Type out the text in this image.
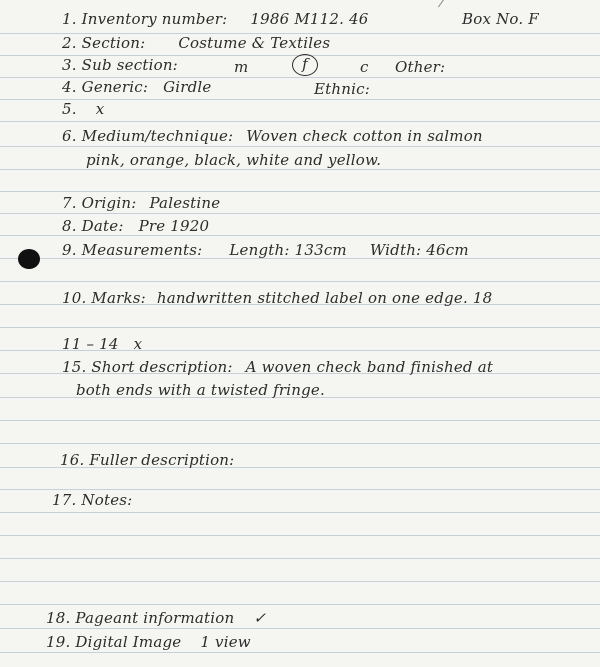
1. Inventory number: 1986 M112. 46	Box No. F
2. Section: Costume & Textiles
3. Sub section:	m	f	c Other:
4. Generic: Girdle	Ethnic:
5. x
6. Medium/technique: Woven check cotton in salmon
pink, orange, black, white and yellow.
7. Origin: Palestine
8. Date: Pre 1920
9. Measurements: Length: 133cm Width: 46cm
10. Marks: handwritten stitched label on one edge. 18
11 – 14 x
15. Short description: A woven check band finished at
both ends with a twisted fringe.
16. Fuller description:
17. Notes:
18. Pageant information ✓
19. Digital Image 1 view
